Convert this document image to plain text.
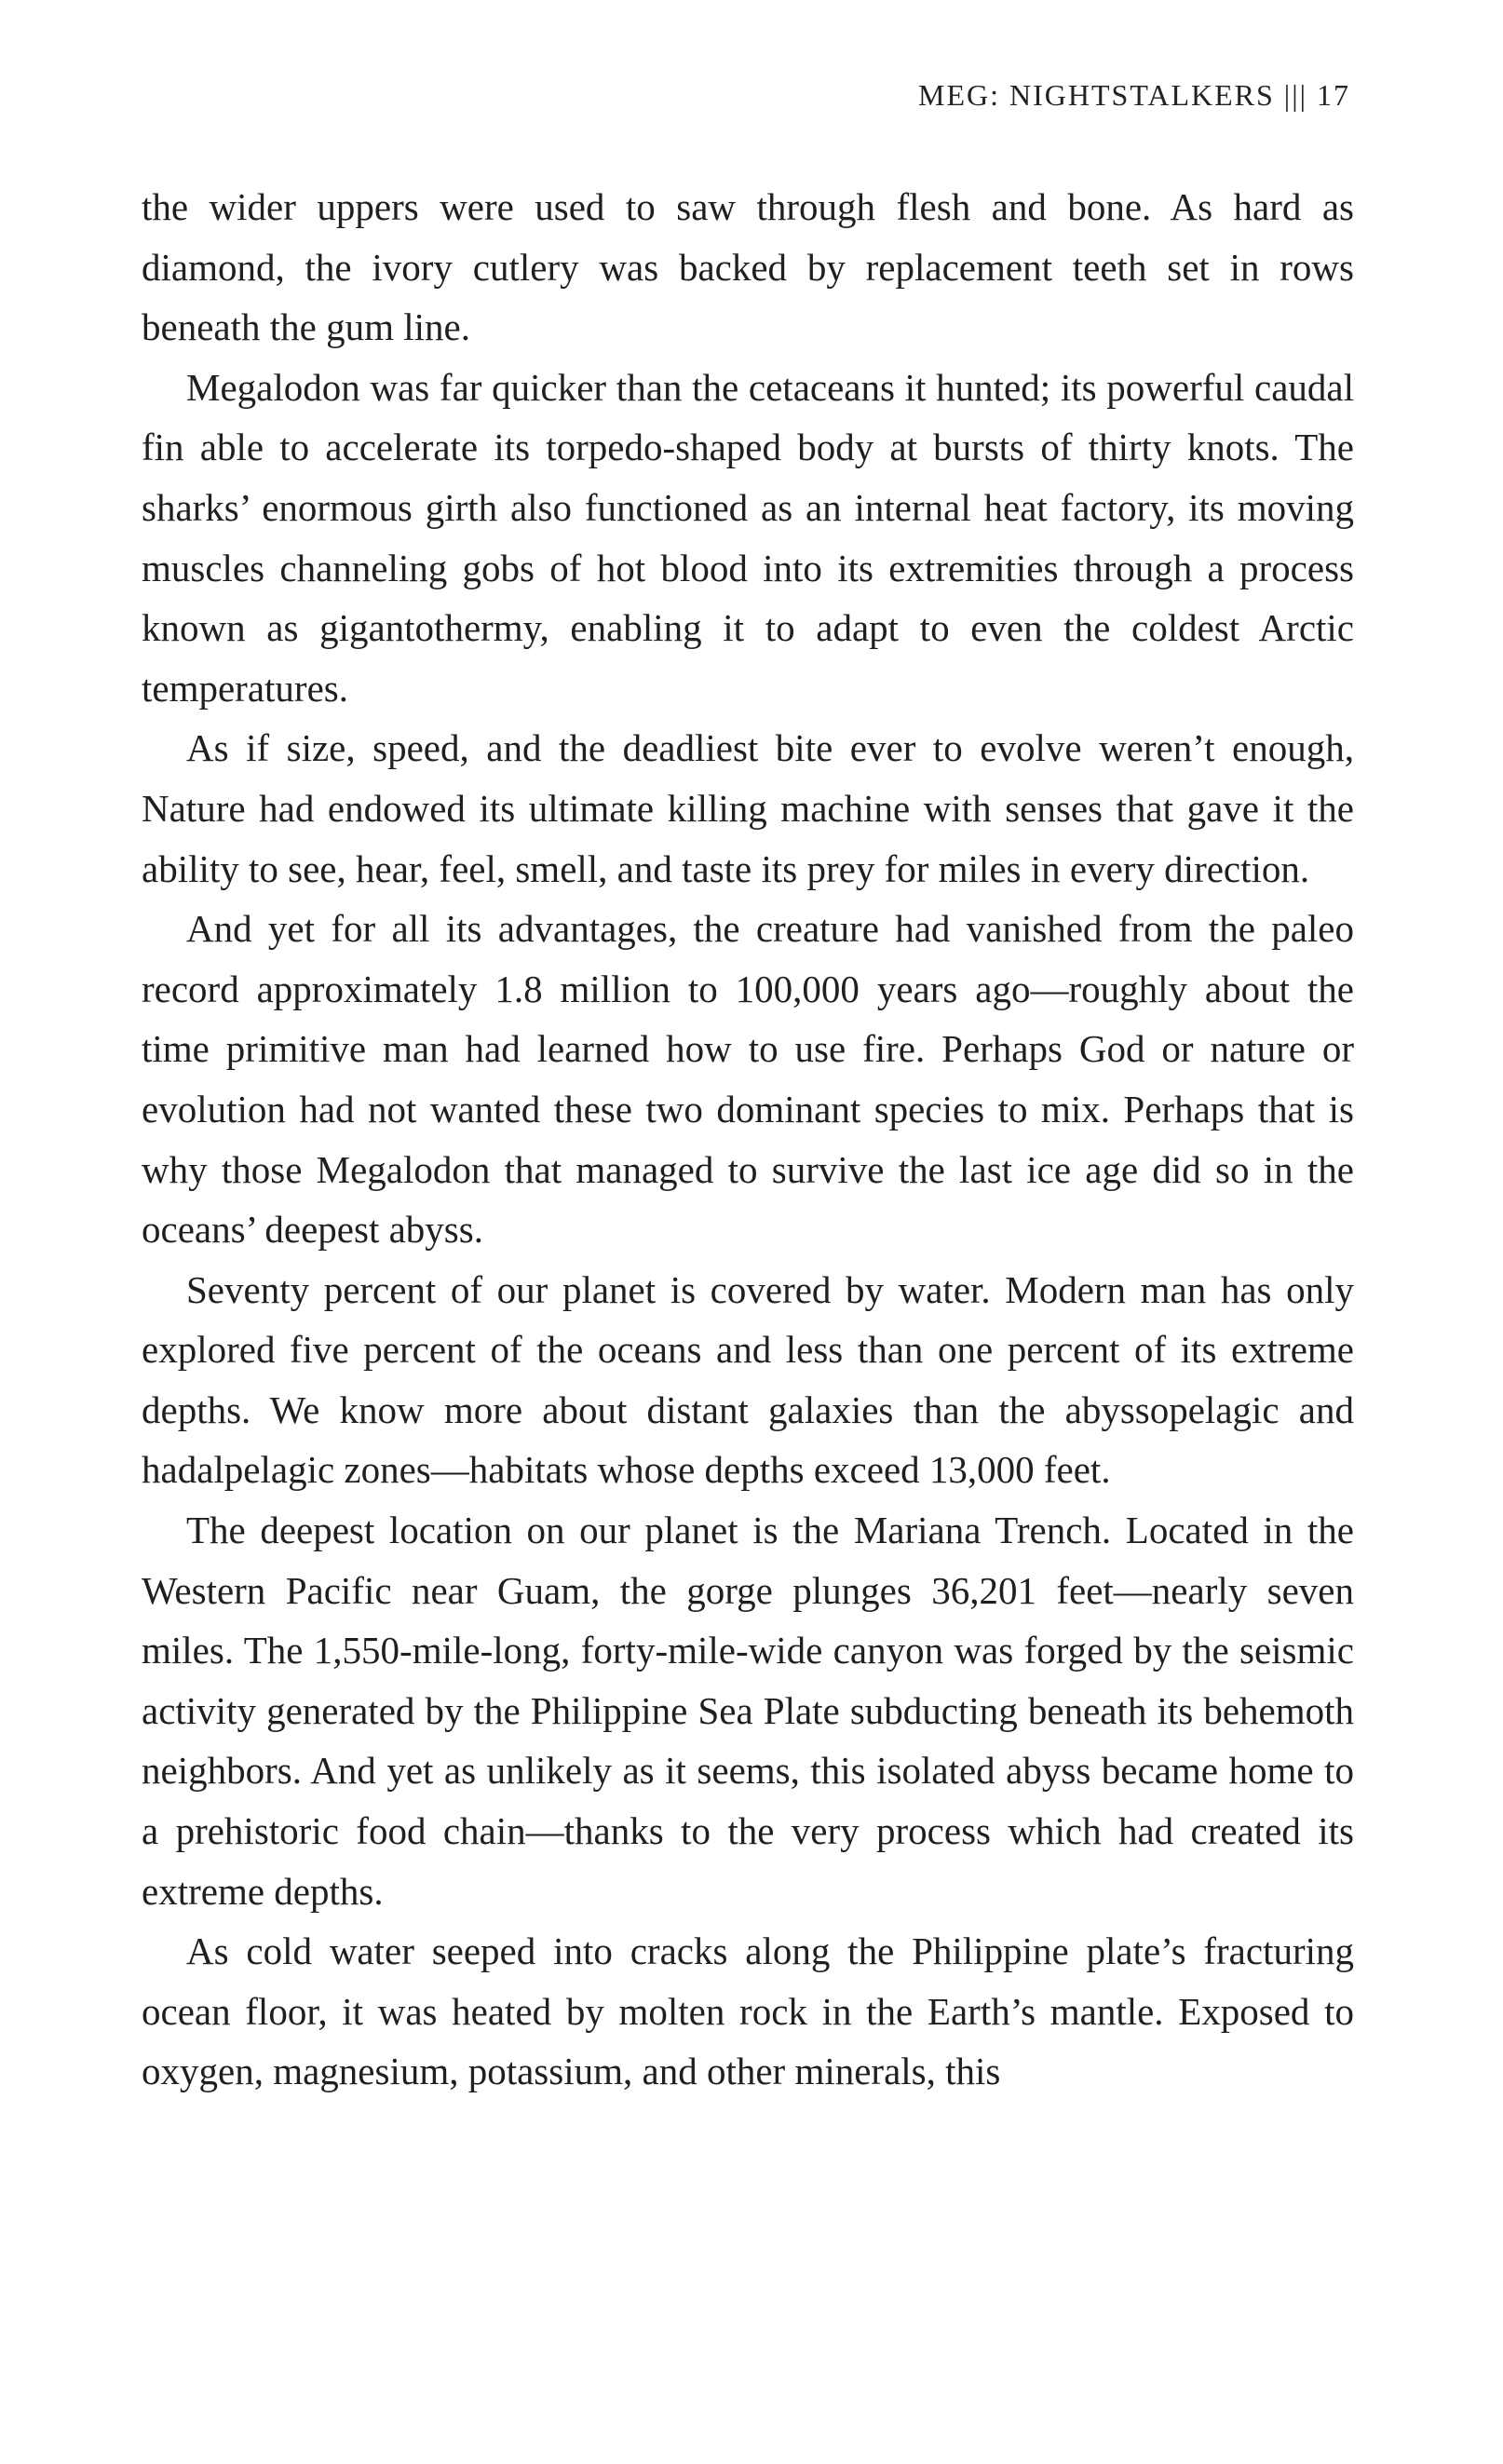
MEG: NIGHTSTALKERS ||| 17

the wider uppers were used to saw through flesh and bone. As hard as diamond, the ivory cutlery was backed by replacement teeth set in rows beneath the gum line.

Megalodon was far quicker than the cetaceans it hunted; its powerful caudal fin able to accelerate its torpedo-shaped body at bursts of thirty knots. The sharks’ enormous girth also functioned as an internal heat factory, its moving muscles channeling gobs of hot blood into its extremities through a process known as gigantothermy, enabling it to adapt to even the coldest Arctic temperatures.

As if size, speed, and the deadliest bite ever to evolve weren’t enough, Nature had endowed its ultimate killing machine with senses that gave it the ability to see, hear, feel, smell, and taste its prey for miles in every direction.

And yet for all its advantages, the creature had vanished from the paleo record approximately 1.8 million to 100,000 years ago—roughly about the time primitive man had learned how to use fire. Perhaps God or nature or evolution had not wanted these two dominant species to mix. Perhaps that is why those Megalodon that managed to survive the last ice age did so in the oceans’ deepest abyss.

Seventy percent of our planet is covered by water. Modern man has only explored five percent of the oceans and less than one percent of its extreme depths. We know more about distant galaxies than the abyssopelagic and hadalpelagic zones—habitats whose depths exceed 13,000 feet.

The deepest location on our planet is the Mariana Trench. Located in the Western Pacific near Guam, the gorge plunges 36,201 feet—nearly seven miles. The 1,550-mile-long, forty-mile-wide canyon was forged by the seismic activity generated by the Philippine Sea Plate subducting beneath its behemoth neighbors. And yet as unlikely as it seems, this isolated abyss became home to a prehistoric food chain—thanks to the very process which had created its extreme depths.

As cold water seeped into cracks along the Philippine plate’s fracturing ocean floor, it was heated by molten rock in the Earth’s mantle. Exposed to oxygen, magnesium, potassium, and other minerals, this
